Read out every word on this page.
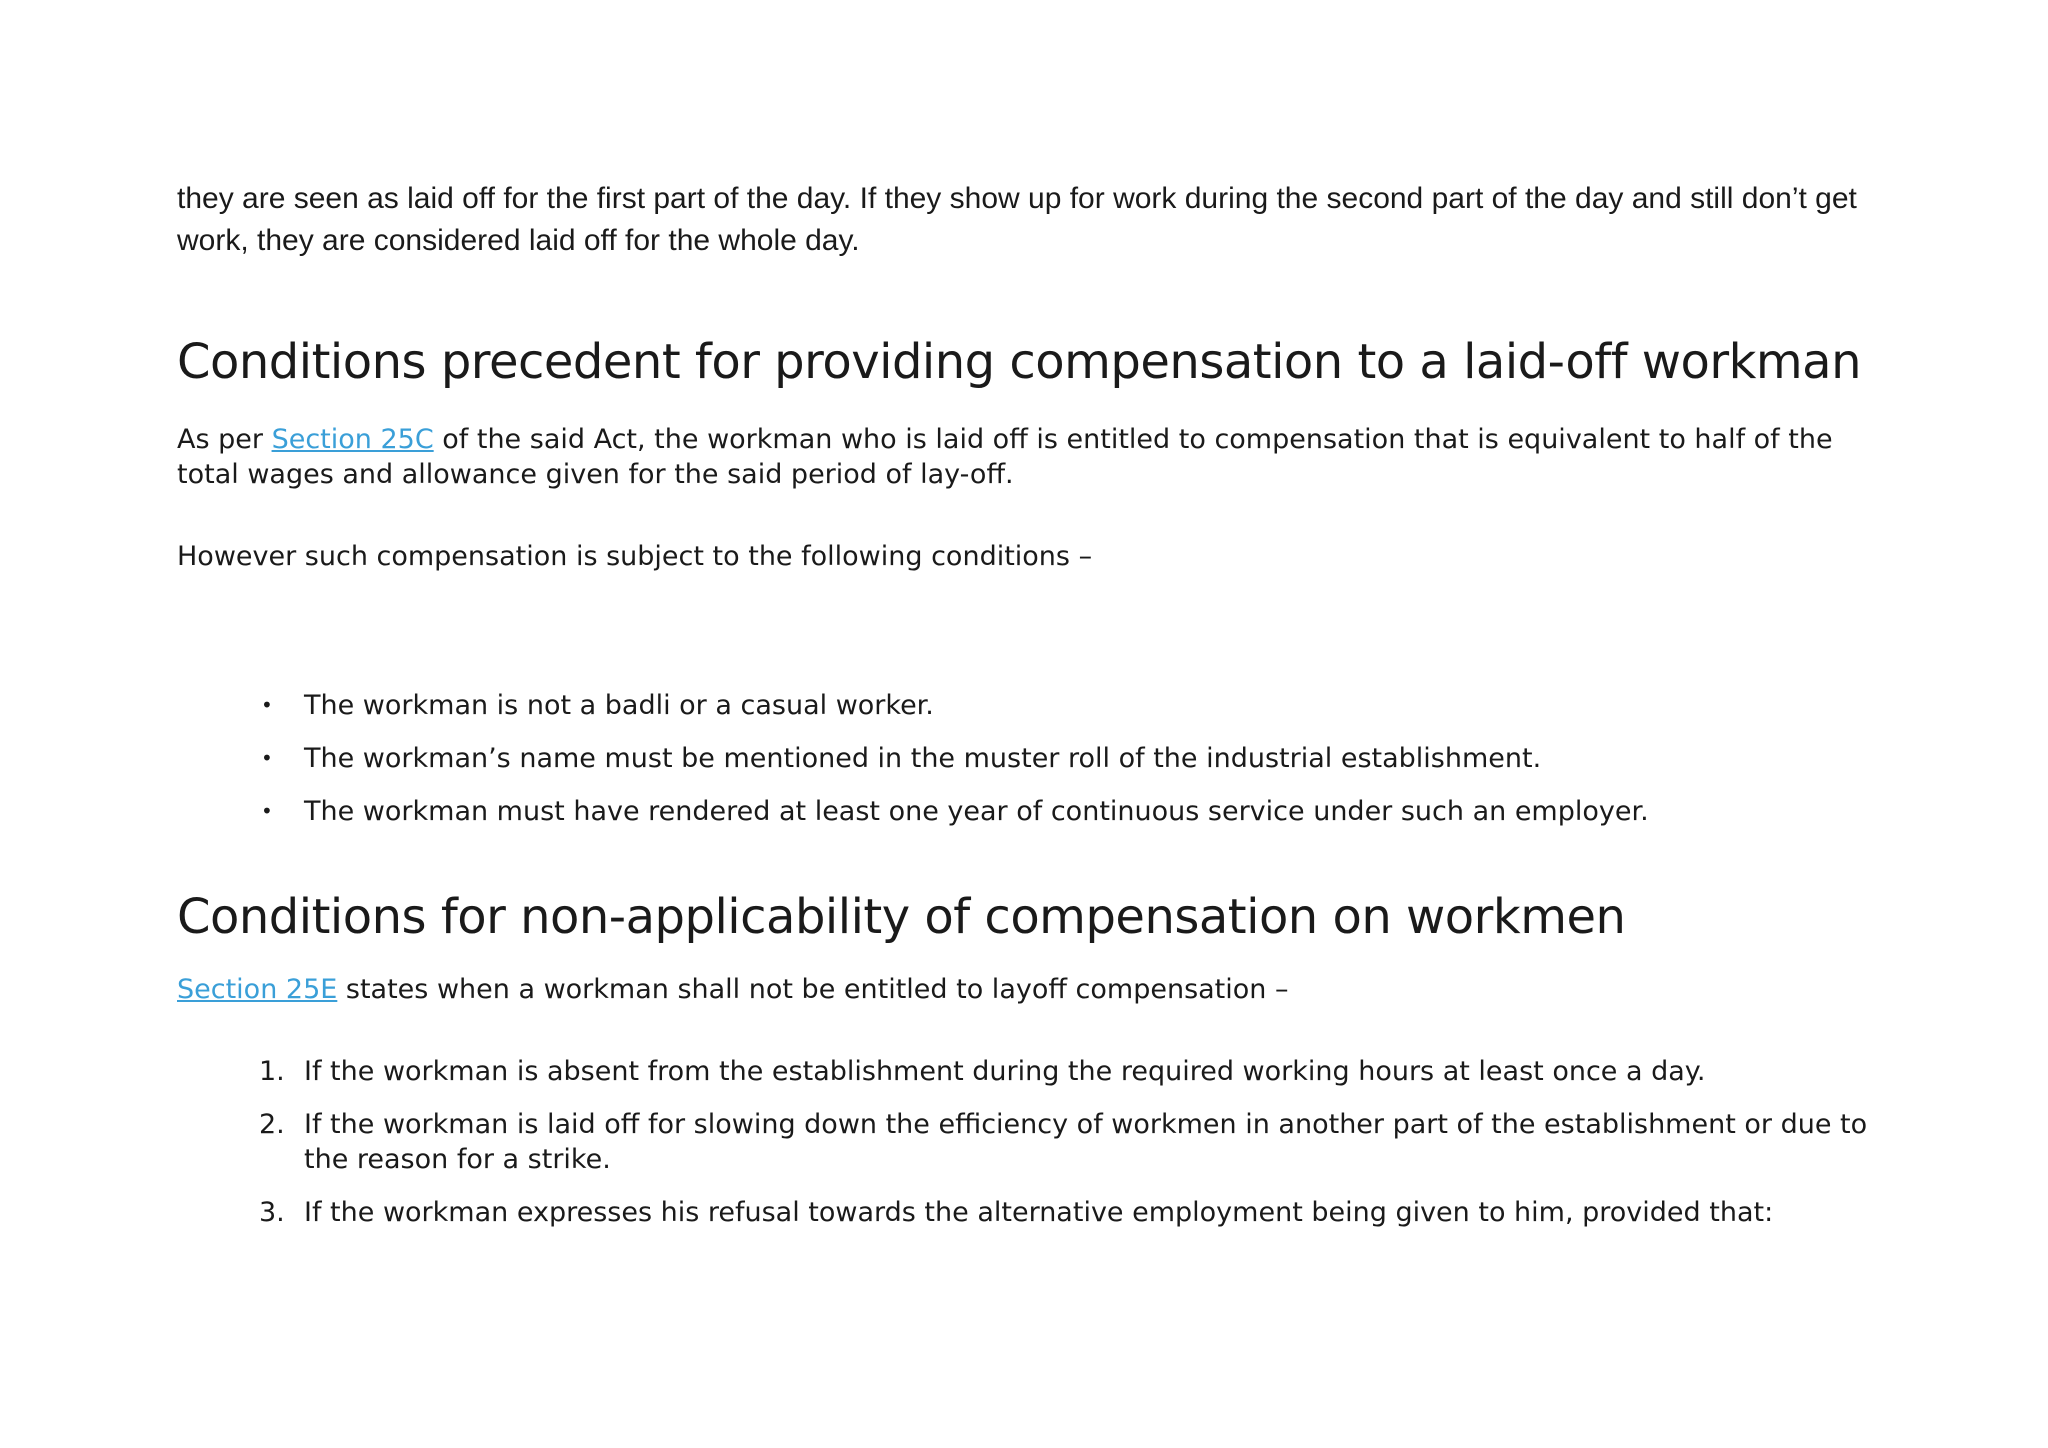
they are seen as laid off for the first part of the day. If they show up for work during the second part of the day and still don’t get work, they are considered laid off for the whole day.

Conditions precedent for providing compensation to a laid-off workman

As per Section 25C of the said Act, the workman who is laid off is entitled to compensation that is equivalent to half of the total wages and allowance given for the said period of lay-off.

However such compensation is subject to the following conditions –

• The workman is not a badli or a casual worker.
• The workman’s name must be mentioned in the muster roll of the industrial establishment.
• The workman must have rendered at least one year of continuous service under such an employer.
Conditions for non-applicability of compensation on workmen

Section 25E states when a workman shall not be entitled to layoff compensation –

1. If the workman is absent from the establishment during the required working hours at least once a day.
2. If the workman is laid off for slowing down the efficiency of workmen in another part of the establishment or due to the reason for a strike.
3. If the workman expresses his refusal towards the alternative employment being given to him, provided that:
